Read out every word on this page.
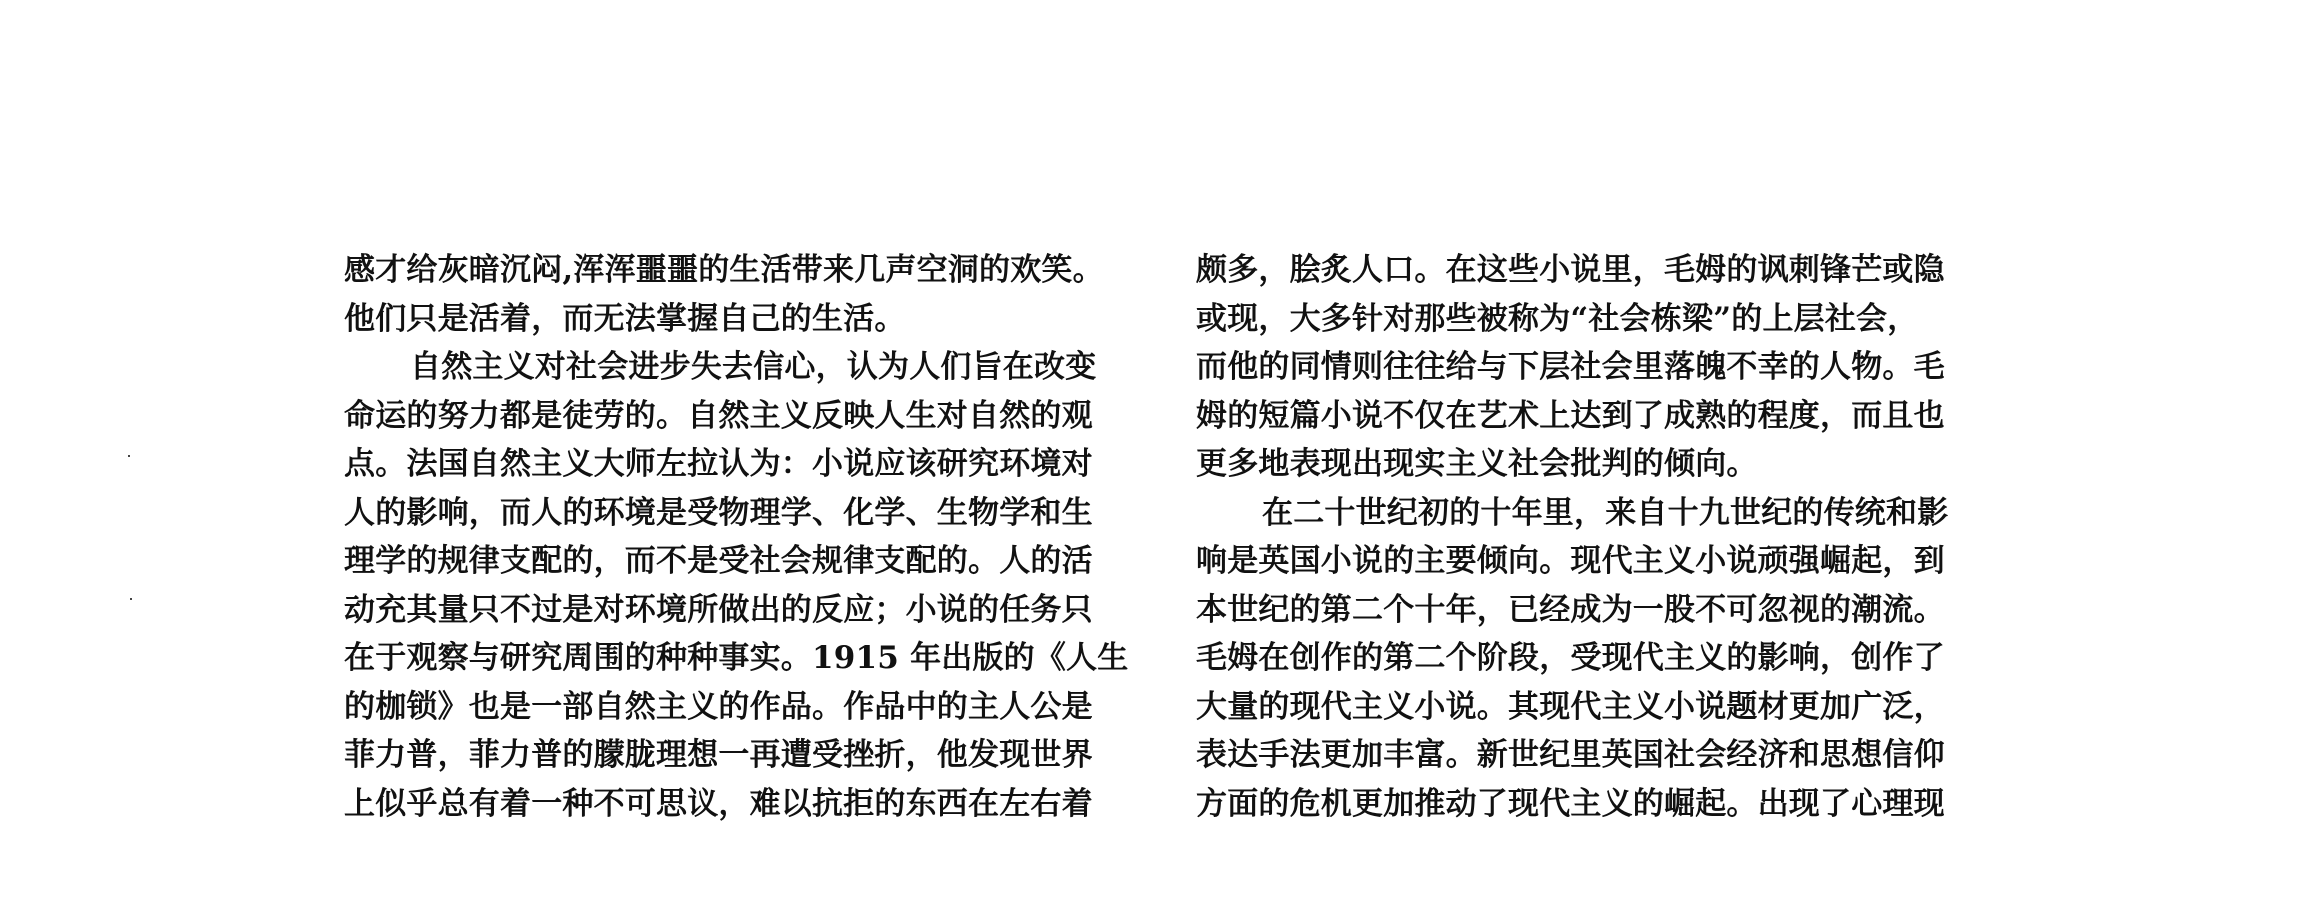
感才给灰暗沉闷,浑浑噩噩的生活带来几声空洞的欢笑。
他们只是活着，而无法掌握自己的生活。
自然主义对社会进步失去信心，认为人们旨在改变
命运的努力都是徒劳的。自然主义反映人生对自然的观
点。法国自然主义大师左拉认为：小说应该研究环境对
人的影响，而人的环境是受物理学、化学、生物学和生
理学的规律支配的，而不是受社会规律支配的。人的活
动充其量只不过是对环境所做出的反应；小说的任务只
在于观察与研究周围的种种事实。1915 年出版的《人生
的枷锁》也是一部自然主义的作品。作品中的主人公是
菲力普，菲力普的朦胧理想一再遭受挫折，他发现世界
上似乎总有着一种不可思议，难以抗拒的东西在左右着
颇多，脍炙人口。在这些小说里，毛姆的讽刺锋芒或隐
或现，大多针对那些被称为“社会栋梁”的上层社会，
而他的同情则往往给与下层社会里落魄不幸的人物。毛
姆的短篇小说不仅在艺术上达到了成熟的程度，而且也
更多地表现出现实主义社会批判的倾向。
在二十世纪初的十年里，来自十九世纪的传统和影
响是英国小说的主要倾向。现代主义小说顽强崛起，到
本世纪的第二个十年，已经成为一股不可忽视的潮流。
毛姆在创作的第二个阶段，受现代主义的影响，创作了
大量的现代主义小说。其现代主义小说题材更加广泛，
表达手法更加丰富。新世纪里英国社会经济和思想信仰
方面的危机更加推动了现代主义的崛起。出现了心理现
